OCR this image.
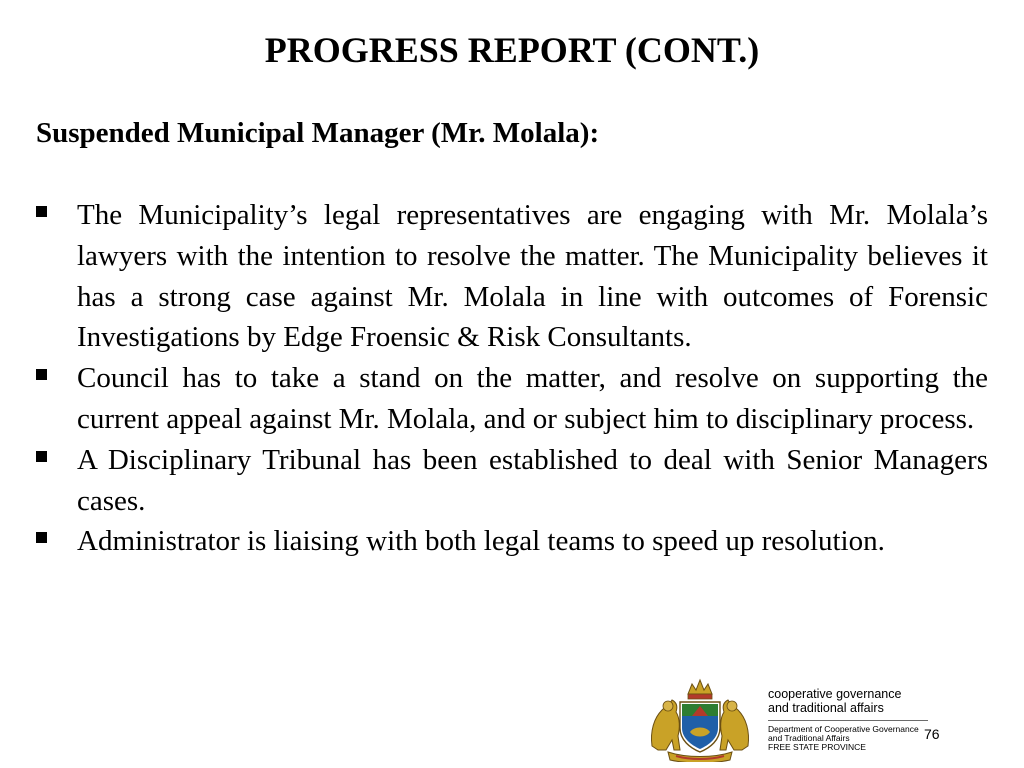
PROGRESS REPORT (CONT.)

Suspended Municipal Manager (Mr. Molala):

The Municipality’s legal representatives are engaging with Mr. Molala’s lawyers with the intention to resolve the matter. The Municipality believes it has a strong case against Mr. Molala in line with outcomes of Forensic Investigations by Edge Froensic & Risk Consultants.
Council has to take a stand on the matter, and resolve on supporting the current appeal against Mr. Molala, and or subject him to disciplinary process.
A Disciplinary Tribunal has been established to deal with Senior Managers cases.
Administrator is liaising with both legal teams to speed up resolution.
cooperative governance
and traditional affairs
Department of Cooperative Governance
and Traditional Affairs
FREE STATE PROVINCE
76
